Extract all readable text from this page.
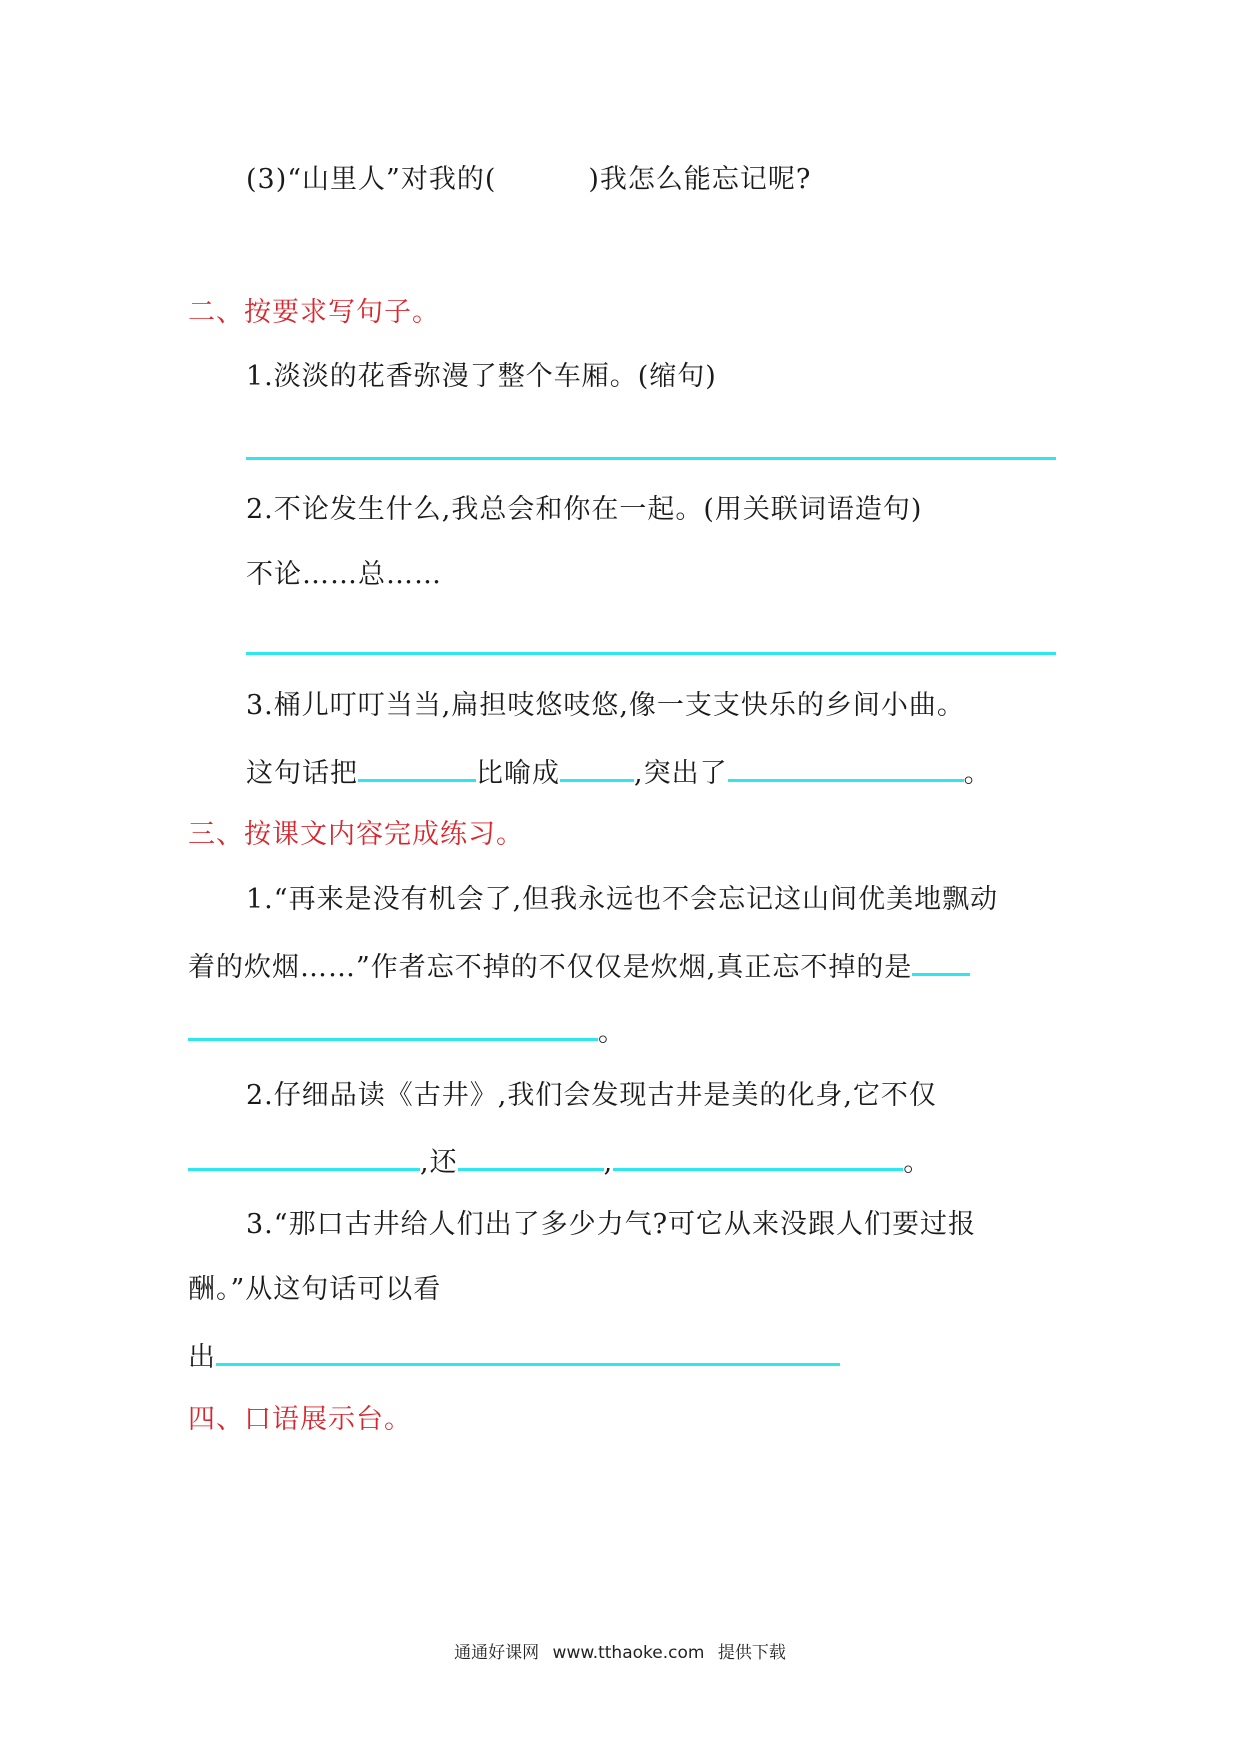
(3)“山里人”对我的(	)我怎么能忘记呢?
二、按要求写句子。
1.淡淡的花香弥漫了整个车厢。(缩句)
2.不论发生什么,我总会和你在一起。(用关联词语造句)
不论……总……
3.桶儿叮叮当当,扁担吱悠吱悠,像一支支快乐的乡间小曲。
这句话把	比喻成	,突出了	。
三、按课文内容完成练习。
1.“再来是没有机会了,但我永远也不会忘记这山间优美地飘动
着的炊烟……”作者忘不掉的不仅仅是炊烟,真正忘不掉的是
。
2.仔细品读《古井》,我们会发现古井是美的化身,它不仅
,还	,	。
3.“那口古井给人们出了多少力气?可它从来没跟人们要过报
酬。”从这句话可以看
出
四、口语展示台。
通通好课网 www.tthaoke.com 提供下载
